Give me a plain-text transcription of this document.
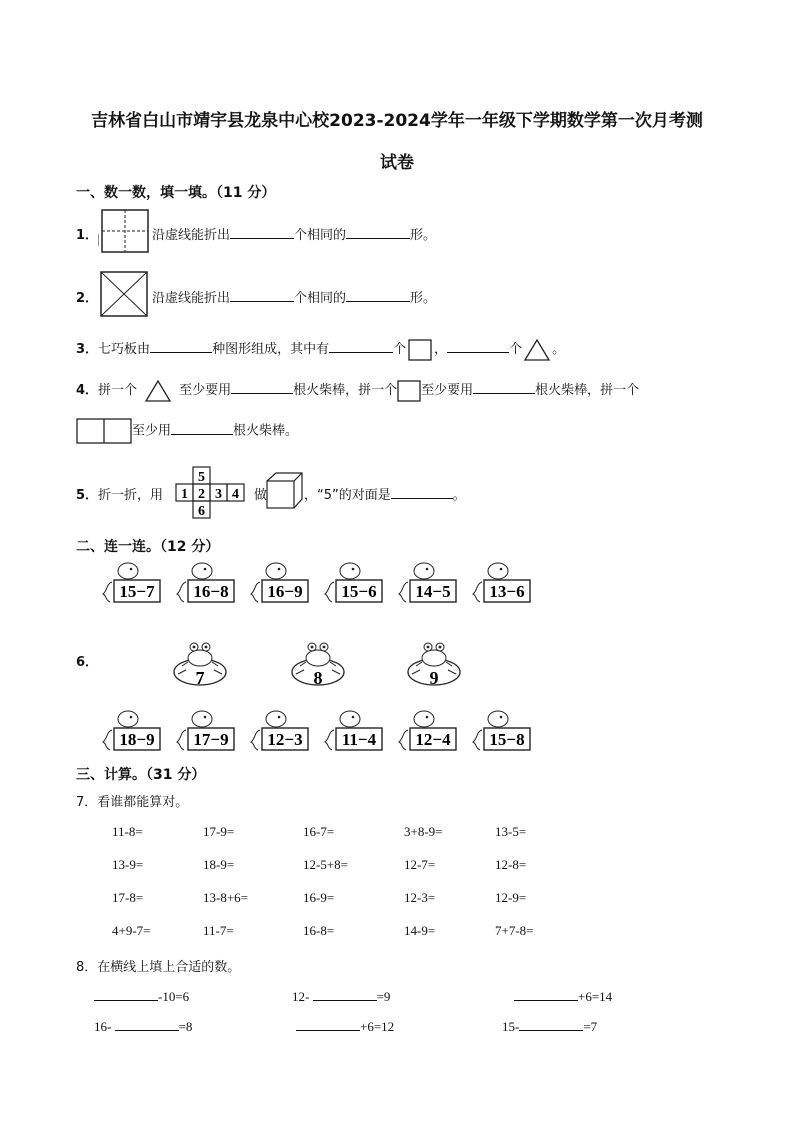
吉林省白山市靖宇县龙泉中心校2023-2024学年一年级下学期数学第一次月考测
试卷
一、数一数，填一填。（11 分）
1．	沿虚线能折出	个相同的	形。
2．	沿虚线能折出	个相同的	形。
3．七巧板由	种图形组成，其中有	个 ，	个 。
4．拼一个	至少要用	根火柴棒，拼一个 至少要用	根火柴棒，拼一个
至少用	根火柴棒。
5．折一折，用
5
1 2 3 4
6
做	，“5”的对面是	。
二、连一连。（12 分）
15−7 16−8 16−9 15−6 14−5 13−6
6．
7	8	9
18−9 17−9 12−3 11−4 12−4 15−8
三、计算。（31 分）
7．看谁都能算对。
11-8=	17-9=	16-7=	3+8-9=	13-5=
13-9=	18-9=	12-5+8=	12-7=	12-8=
17-8=	13-8+6=	16-9=	12-3=	12-9=
4+9-7=	11-7=	16-8=	14-9=	7+7-8=
8．在横线上填上合适的数。
-10=6	12-	=9	+6=14
16-	=8	+6=12	15-	=7
